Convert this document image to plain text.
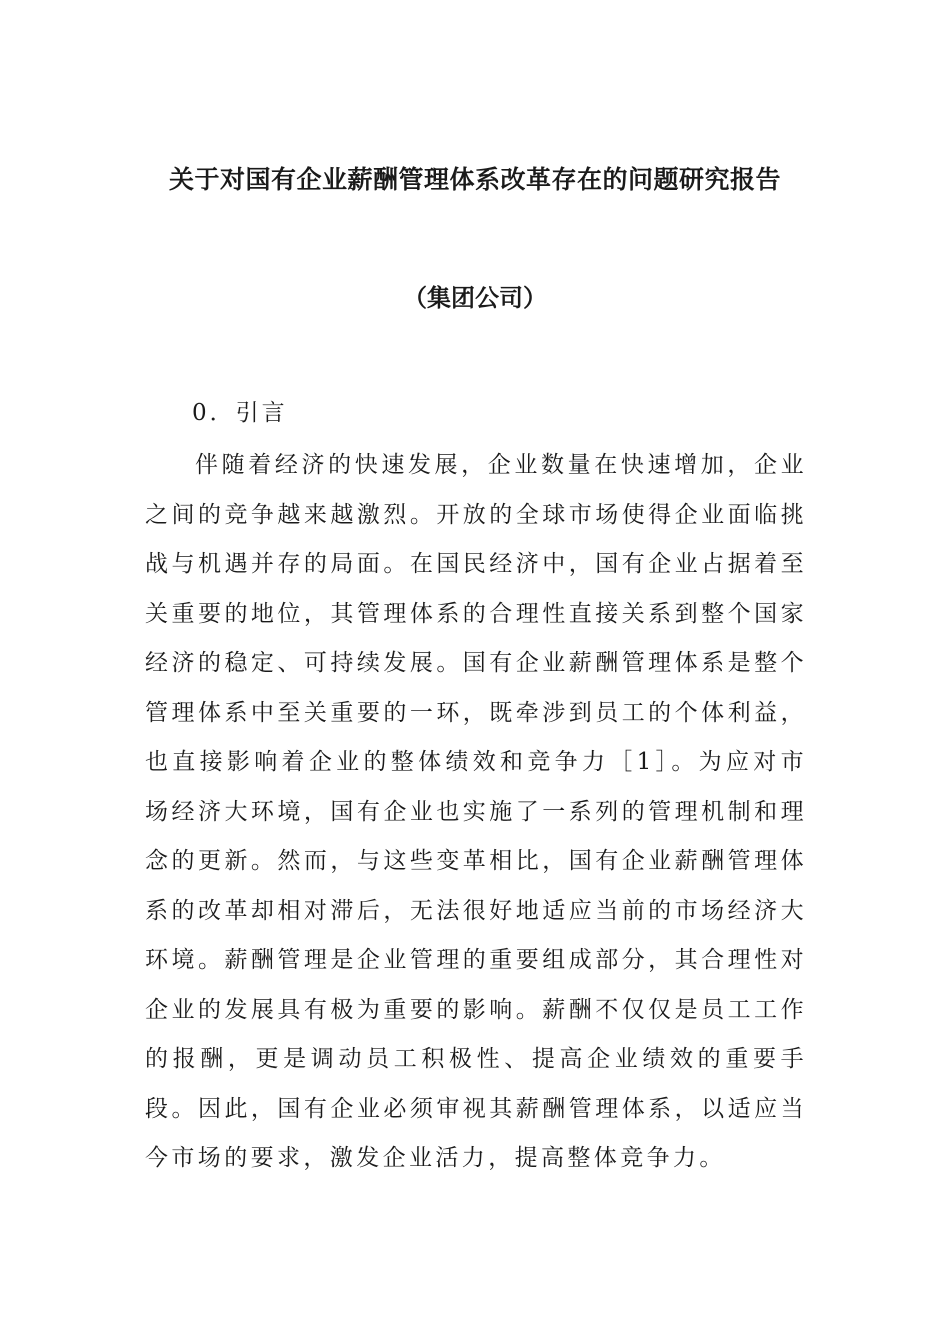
关于对国有企业薪酬管理体系改革存在的问题研究报告
（集团公司）
0．引言

伴随着经济的快速发展，企业数量在快速增加，企业之间的竞争越来越激烈。开放的全球市场使得企业面临挑战与机遇并存的局面。在国民经济中，国有企业占据着至关重要的地位，其管理体系的合理性直接关系到整个国家经济的稳定、可持续发展。国有企业薪酬管理体系是整个管理体系中至关重要的一环，既牵涉到员工的个体利益，也直接影响着企业的整体绩效和竞争力［1］。为应对市场经济大环境，国有企业也实施了一系列的管理机制和理念的更新。然而，与这些变革相比，国有企业薪酬管理体系的改革却相对滞后，无法很好地适应当前的市场经济大环境。薪酬管理是企业管理的重要组成部分，其合理性对企业的发展具有极为重要的影响。薪酬不仅仅是员工工作的报酬，更是调动员工积极性、提高企业绩效的重要手段。因此，国有企业必须审视其薪酬管理体系，以适应当今市场的要求，激发企业活力，提高整体竞争力。
